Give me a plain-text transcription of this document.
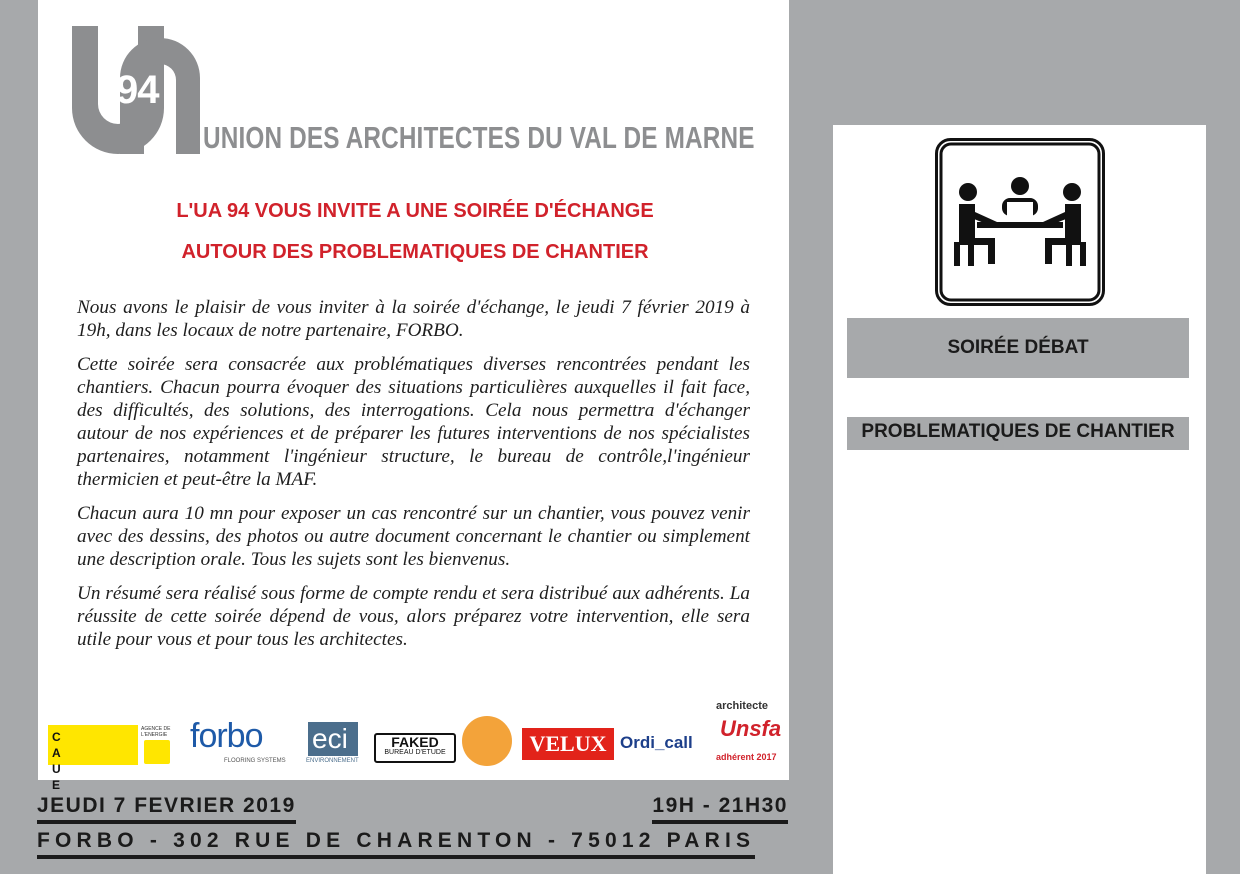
94
UNION DES ARCHITECTES DU VAL DE MARNE
L'UA 94 VOUS INVITE A UNE SOIRÉE D'ÉCHANGE
AUTOUR DES PROBLEMATIQUES DE CHANTIER

Nous avons le plaisir de vous inviter à la soirée d'échange, le jeudi 7 février 2019 à 19h, dans les locaux de notre partenaire, FORBO.

Cette soirée sera consacrée aux problématiques diverses rencontrées pendant les chantiers. Chacun pourra évoquer des situations particulières auxquelles il fait face, des difficultés, des solutions, des interrogations. Cela nous permettra d'échanger autour de nos expériences et de préparer les futures interventions de nos spécialistes partenaires, notamment l'ingénieur structure, le bureau de contrôle,l'ingénieur thermicien et peut-être la MAF.

Chacun aura 10 mn pour exposer un cas rencontré sur un chantier, vous pouvez venir avec des dessins, des photos ou autre document concernant le chantier ou simplement une description orale. Tous les sujets sont les bienvenus.

Un résumé sera réalisé sous forme de compte rendu et sera distribué aux adhérents. La réussite de cette soirée dépend de vous, alors préparez votre intervention, elle sera utile pour vous et pour tous les architectes.

C A U E
AGENCE DE L'ENERGIE forbo
FLOORING SYSTEMS
eci
ENVIRONNEMENT
FAKED
BUREAU D'ETUDE	VELUX Ordi_call
architecte
Unsfa
adhérent 2017
JEUDI 7 FEVRIER 2019	19H - 21H30
FORBO - 302 RUE DE CHARENTON - 75012 PARIS
SOIRÉE DÉBAT
PROBLEMATIQUES DE CHANTIER
